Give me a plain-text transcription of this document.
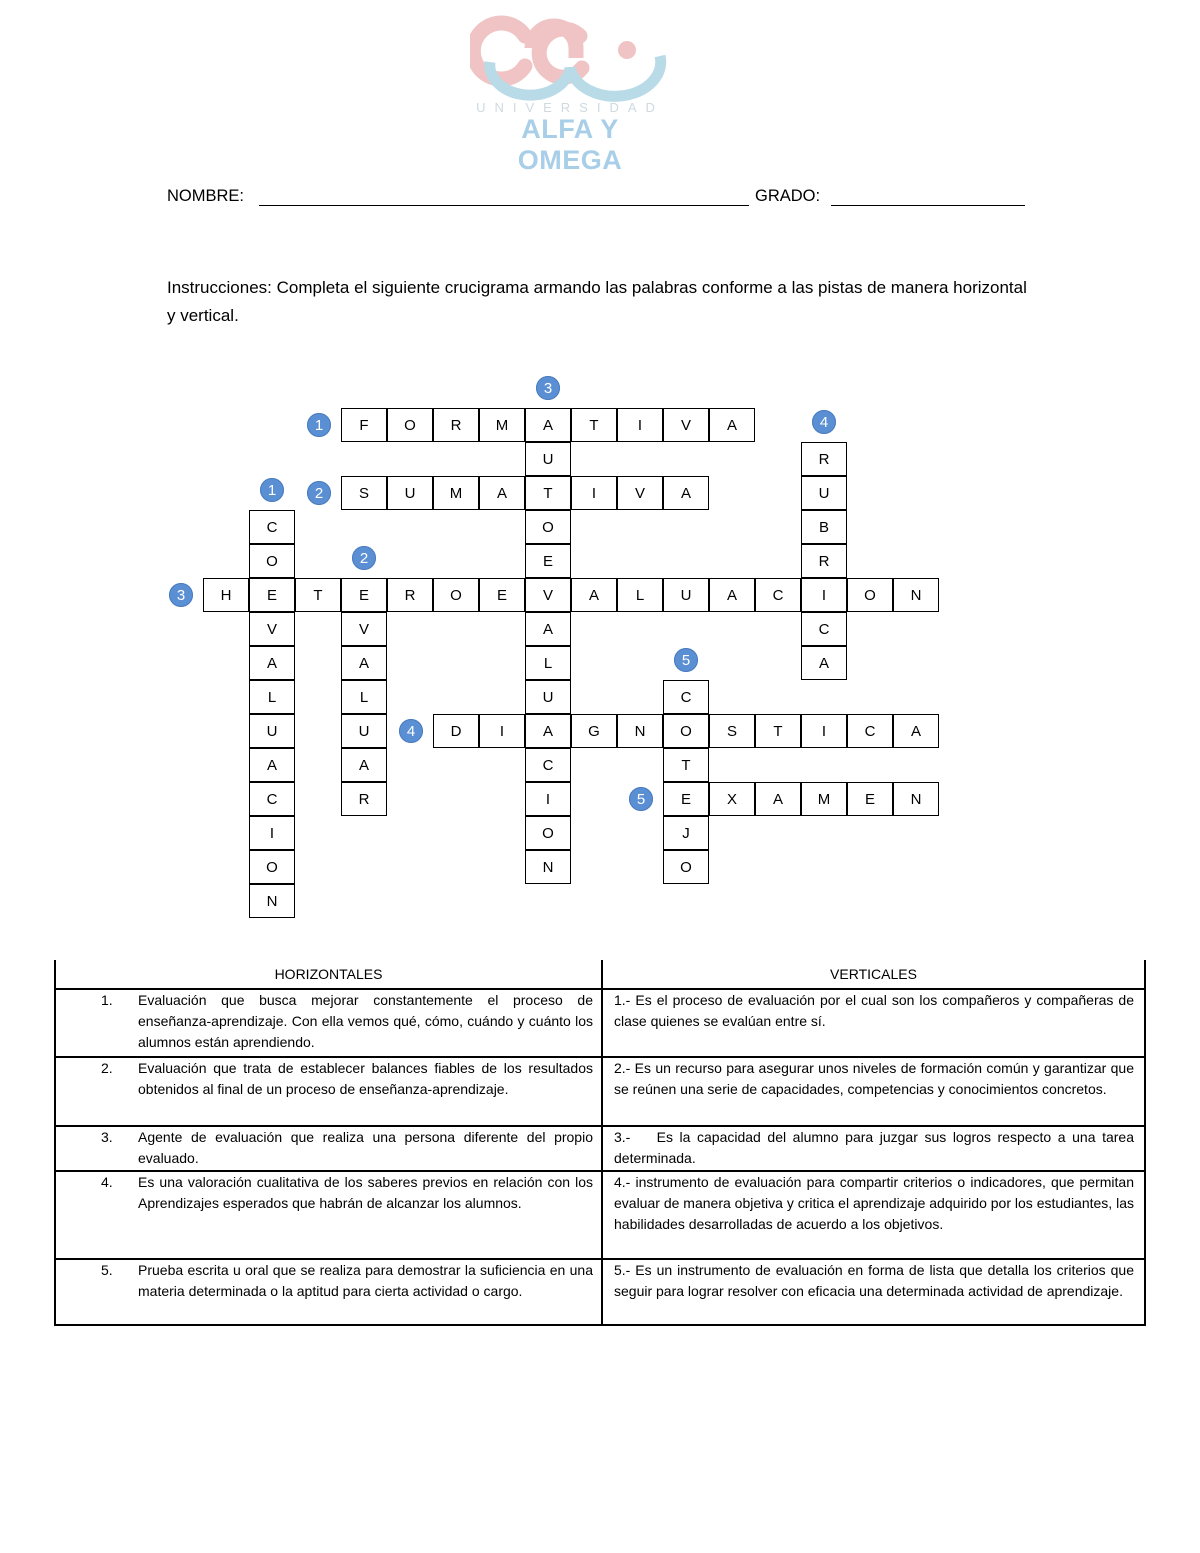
UNIVERSIDAD
ALFA Y OMEGA
NOMBRE:	GRADO:
Instrucciones: Completa el siguiente crucigrama armando las palabras conforme a las pistas de manera horizontal y vertical.
F	O	R	M	A	T	I	V	A
1
S	U	M	A	T	I	V	A
2
H	E	T	E	R	O	E	V	A	L	U	A	C	I	O	N
3
D	I	A	G	N	O	S	T	I	C	A
4
E	X	A	M	E	N
5
C
O
V
A
L
U
A
C
I
O
N
1
V
A
L
U
A
R
2
U
O
E
A
L
U
C
I
O
N
3
R
U
B
R
C
A
4
C
T
J
O
5
HORIZONTALES	VERTICALES

1. Evaluación que busca mejorar constantemente el proceso de enseñanza-aprendizaje. Con ella vemos qué, cómo, cuándo y cuánto los alumnos están aprendiendo.	1.- Es el proceso de evaluación por el cual son los compañeros y compañeras de clase quienes se evalúan entre sí.

2. Evaluación que trata de establecer balances fiables de los resultados obtenidos al final de un proceso de enseñanza-aprendizaje.	2.- Es un recurso para asegurar unos niveles de formación común y garantizar que se reúnen una serie de capacidades, competencias y conocimientos concretos.

3. Agente de evaluación que realiza una persona diferente del propio evaluado.	3.-    Es la capacidad del alumno para juzgar sus logros respecto a una tarea determinada.

4. Es una valoración cualitativa de los saberes previos en relación con los Aprendizajes esperados que habrán de alcanzar los alumnos.	4.- instrumento de evaluación para compartir criterios o indicadores, que permitan evaluar de manera objetiva y critica el aprendizaje adquirido por los estudiantes, las habilidades desarrolladas de acuerdo a los objetivos.

5. Prueba escrita u oral que se realiza para demostrar la suficiencia en una materia determinada o la aptitud para cierta actividad o cargo.	5.- Es un instrumento de evaluación en forma de lista que detalla los criterios que seguir para lograr resolver con eficacia una determinada actividad de aprendizaje.
